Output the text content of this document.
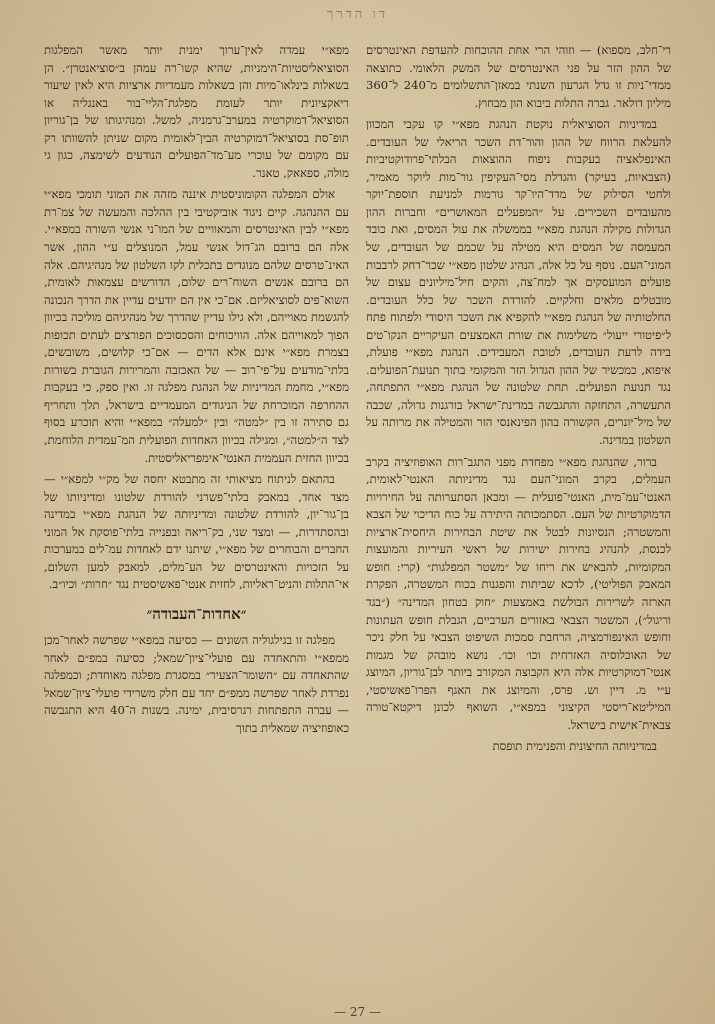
דו הדרך

רי־חלב, מספוא) — וזוהי הרי אחת ההוכחות להעדפת האינטרסים של ההון הזר על פני האינטרסים של המשק הלאומי. כתוצאה ממדי־ניות זו גדל הגרעון השנתי במאזן־התשלומים מ־240 ל־360 מיליון דולאר. גברה התלות ביבוא הון מבחוץ.

במדיניות הסוציאלית נוקטת הנהגת מפא״י קו עקבי המכוון להעלאת הרווח של ההון והור־דת השכר הריאלי של העובדים. האינפלאציה בעקבות ניפוח ההוצאות הבלתי־פרודוקטיביות (הצבאיות, בעיקר) והגדלת מסי־העקיפין גור־מות ליוקר מאמיר, ולחטי הסילוק של מדד־היו־קר גורמות למניעת תוספת־יוקר מהעובדים השכירים. על ״המפעלים המאושרים״ וחברות ההון הגדולות מקילה הנהגת מפא״י בממשלה את עול המסים, ואת כובד המעמסה של המסים היא מטילה על שכמם של העובדים, של המוני־העם. נוסף על כל אלה, הנהיג שלטון מפא״י שכר־דחק לרבבות פועלים המועסקים אך למח־צה, והקים חיל־מיליונים עצום של מובטלים מלאים וחלקיים. להורדת השכר של כלל העובדים. החלטותיה של הנהגת מפא״י להקפיא את השכר היסודי ולפתוח פתח ל״פיטורי ייעול״ משלימות את שורת האמצעים העיקריים הנקו־טים בידה לרעת העובדים, לטובת המעבידים. הנהגת מפא״י פועלת, איפוא, כמכשיר של ההון הגדול הזר והמקומי בתוך תנועת־הפועלים. נגד תנועת הפועלים. תחת שלטונה של הנהגת מפא״י התפתחה, התעשרה, התחזקה והתגבשה במדינת־ישראל בורגנות גדולה, שכבה של מיל־יונרים, הקשורה בהון הפינאנסי הזר והמטילה את מרותה על השלטון במדינה.

ברור, שהנהגת מפא״י מפחדת מפני התגב־רות האופוזיציה בקרב העמלים, בקרב המוני־העם נגד מדיניותה האנטי־לאומית, האנטי־עמ־מית, האנטי־פועלית — ומכאן הסתערותה על החירויות הדמוקרטיות של העם. הסתמכותה היתירה על כוח הדיכוי של הצבא והמשטרה; הנסיונות לבטל את שיטת הבחירות היחסית־ארציות לכנסת, להנהיג בחירות ישירות של ראשי העיריות והמועצות המקומיות, להבאיש את ריחו של ״משטר המפלגות״ (קרי: חופש המאבק הפוליטי), לדכא שביתות והפגנות בכוח המשטרה, הפקרת הארזה לשרירות הבולשת באמצעות ״חוק בטחון המדינה״ (״בגד וריגול״), המשטר הצבאי באזורים הערביים, הגבלת חופש העתונות וחופש האינפורמציה, הרחבת סמכות השיפוט הצבאי על חלק ניכר של האוכלוסיה האזרחית וכו׳ וכו׳. נושא מובהק של מגמות אנטי־דמוקרטיות אלה היא הקבוצה המקורב ביותר לבן־גוריון, המיוצג ע״י מ. דיין וש. פרס, והמיוצג את האגף הפרו־פאשיסטי, המיליטא־ריסטי הקיצוני במפא״י, השואף לכונן דיקטא־טורה צבאית־אישית בישראל.

במדיניותה החיצונית והפנימית תופסת

מפא״י עמדה לאין־ערוך ימנית יותר מאשר המפלגות הסוציאליסטיות־הימניות, שהיא קשו־רה עמהן ב״סוציאנטרן״. הן בשאלות בינלאו־מיות והן בשאלות מעמדיות ארציות היא לאין שיעור ריאקציונית יותר לעומת מפלגת־הליי־בור באנגליה או הסוציאל־דמוקרטיה במערב־גרמניה, למשל. ומנהיגותו של בן־גוריון תופ־סת בסוציאל־דמוקרטיה הבין־לאומית מקום שניתן להשוותו רק עם מקומם של עוכרי מע־מד־הפועלים הנודעים לשימצה, כגון גי מולה, ספאאק, טאנר.

אולם המפלגה הקומוניסטית איננה מזהה את המוני תומכי מפא״י עם ההנהגה. קיים ניגוד אוביקטיבי בין ההלכה והמעשה של צמ־רת מפא״י לבין האינטרסים והמאוויים של המו־ני אנשי השורה במפא״י. אלה הם ברובם הג־דול אנשי עמל, המנוצלים ע״י ההון, אשר האינ־טרסים שלהם מנוגדים בתכלית לקו השלטון של מנהיגיהם. אלה הם ברובם אנשים השוח־רים שלום, הדורשים עצמאות לאומית, השוא־פים לסוציאליזם. אם־כי אין הם יודעים עדיין את הדרך הנכונה להגשמת מאוייהם, ולא גילו עדיין שהדרך של מנהיגיהם מוליכה בכיוון הפוך למאוייהם אלה. הוויכוחים והסכסוכים הפורצים לעתים תכופות בצמרת מפא״י אינם אלא הדים — אם־כי קלושים, משובשים, בלתי־מודעים על־פי־רוב — של האכזבה והמרירות הגוברת בשורות מפא״י, מחמת המדיניות של הנהגת מפלגה זו. ואין ספק, כי בעקבות ההחרפה המוכרחת של הניגודים המעמדיים בישראל, תלך ותחריף גם סתירה זו בין ״למטה״ ובין ״למעלה״ במפא״י והיא תוכרע בסוף לצד ה״למטה״, ומגילה בכיוון האחדות הפועלית המ־עמדית הלוחמת, בכיוון החזית העממית האנטי־אימפריאליסטית.

בהתאם לניתוח מציאותי זה מתבטא יחסה של מק״י למפא״י — מצד אחד, במאבק בלתי־פשרני להורדת שלטונו ומדיניותו של בן־גור־יון, להורדת שלטונה ומדיניותה של הנהגת מפא״י במדינה ובהסתדרות, — ומצד שני, בק־ריאה ובפנייה בלתי־פוסקת אל המוני החברים והבוחרים של מפא״י, שיתנו ידם לאחדות עמ־לים במערכות על הזכויות והאינטרסים של הע־מלים, למאבק למען השלום, אי־התלות והניט־ראליות, לחזית אנטי־פאשיסטית נגד ״חרות״ וכיו״ב.

״אחדות־העבודה״

מפלגה זו בגילגוליה השונים — כסיעה במפא״י שפרשה לאחר־מכן ממפא״י והתאחדה עם פועלי־ציון־שמאל; כסיעה במפ״ם לאחר שהתאחדה עם ״השומר־הצעיר״ במסגרת מפלגה מאוחדת; וכמפלגה נפרדת לאחר שפרשה ממפ״ם יחד עם חלק משרידי פועלי־ציון־שמאל — עברה התפתחות רגרסיבית, ימינה. בשנות ה־40 היא התגבשה כאופוזיציה שמאלית בתוך

— 27 —
